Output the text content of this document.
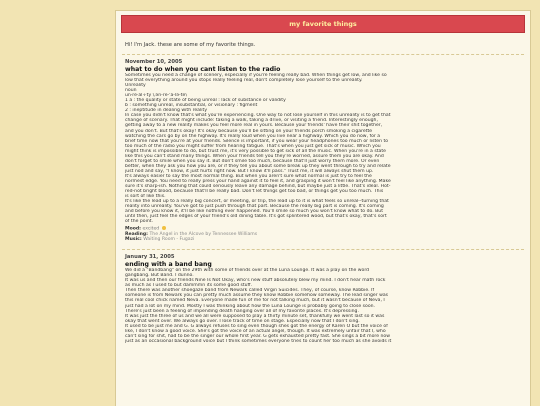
my favorite things
Hi! I'm Jack. these are some of my favorite things.
November 10, 2005
what to do when you cant listen to the radio
Sometimes you need a change of scenery, especially if you're feeling really bad. When things get low, and like so
low that everything around you stops really feeling real, don't completely lose yourself to the unreality.
Unreality
noun
un·re·al·i·ty \ˌən-rē-ˈa-lə-tē\
1 a : the quality or state of being unreal : lack of substance or validity
b : something unreal, insubstantial, or visionary : figment
2 : ineptitude in dealing with reality
In case you didn't know that's what you're experiencing. One way to not lose yourself in this unreality is to get that
change of scenary. That might include: taking a walk, taking a drive, or visiting a friend. Interestingly enough,
getting away to a new reality makes you feel more real in yours. Because your friends' have their shit together,
and you don't. But that's okay! It's okay because you'll be sitting on your friends porch smoking a cigarette
watching the cars go by on the highway. It's really loud when you live near a highway. Which you do now, for a
brief time now that you're at your friends. Silence is important, if you wear your headphones too much or listen to
too much of the radio you might suffer from hearing fatigue. That's when you just get sick of music. Which you
might think is impossible to do, but trust me, it's very possible to get sick of all the music. When you're in a state
like this you can't stand many things. When your friends tell you they're worried, assure them you are okay. And
don't forget to smile when you say it. But don't smile too much, because that'll just worry them more. Or even
better, when they ask you how you are, or if they tell you about some break up they went through to try and relate
just nod and say, "I know, it just hurts right now. But I know it'll pass." Trust me, it will always shut them up.
It's always easier to say the most normal thing. But when you aren't sure what normal is just try to feel the
normest edge. You need to really press your hand against it to feel it, and grasping it won't feel like anything. Make
sure it's sharp-ish. Nothing that could seriously leave any damage behind, but maybe just a little. That's ideal. Hot-
red-not bright blood, because that'll be really bad. Don't let things get too bad, or things get you too much. This
is sort of like this.
It's like the lead up to a really big concert, or meeting, or trip, the lead up to it is what feels so unreal--turning that
reality into unreality. You've got to just push through that part. Because the really big part is coming. It's coming
and before you know it, it'll be like nothing ever happened. You'll smile so much you won't know what to do. But
until then, just feel the edges of your friend's old dining table. It's got splintered wood, but that's okay, that's sort
of the point.
Mood: excited
Reading: The Angel in the Alcove by Tennessee Williams
Music: Waiting Room - Fugazi
January 31, 2005
ending with a band bang
We did a "Bandbang" on the 29th with some of friends over at the Luna Lounge. It was a play on the word
gangbang. But Band. I dunno.
It was us and then our friends Nine Is Not Okay, who's new stuff absolutely blew my mind. I don't hear math rock
as much as I used to but dammmn its some good stuff.
Then there was another shoegaze band from Newark called Virgin Suicides. They, of course, know Robbie. If
someone is from Newark you can pretty much assume they know Robbie somehow someway. The lead singer was
this real cool chick named Neva. Everyone made fun of me for not talking much, but it wasn't because of Neva, I
just had a lot on my mind. Mostly I was thinking about how the Luna Lounge is probably going to close soon.
There's just been a feeling of impending death hanging over all of my favorite places. It's depressing.
It was just the three of us and we all were supposed to play a thirty minute set, thankfully we went last so it was
okay that went over. We always go over. I lose track of time on stage. Especially now that I don't sing.
It used to be just me and G. G always refuses to sing even though shes got the energy of Karen O but the voice of
like, I don't know a good voice. She's got the voice of an actual angel, though. It was extremely unfair that I, who
can't sing for shit, had to be the singer our whole first year. G gets exhausted pretty fast. She sings a bit more now
just as an occasional background voice but I think sometimes everyone tries to count her too much as she avoids it
